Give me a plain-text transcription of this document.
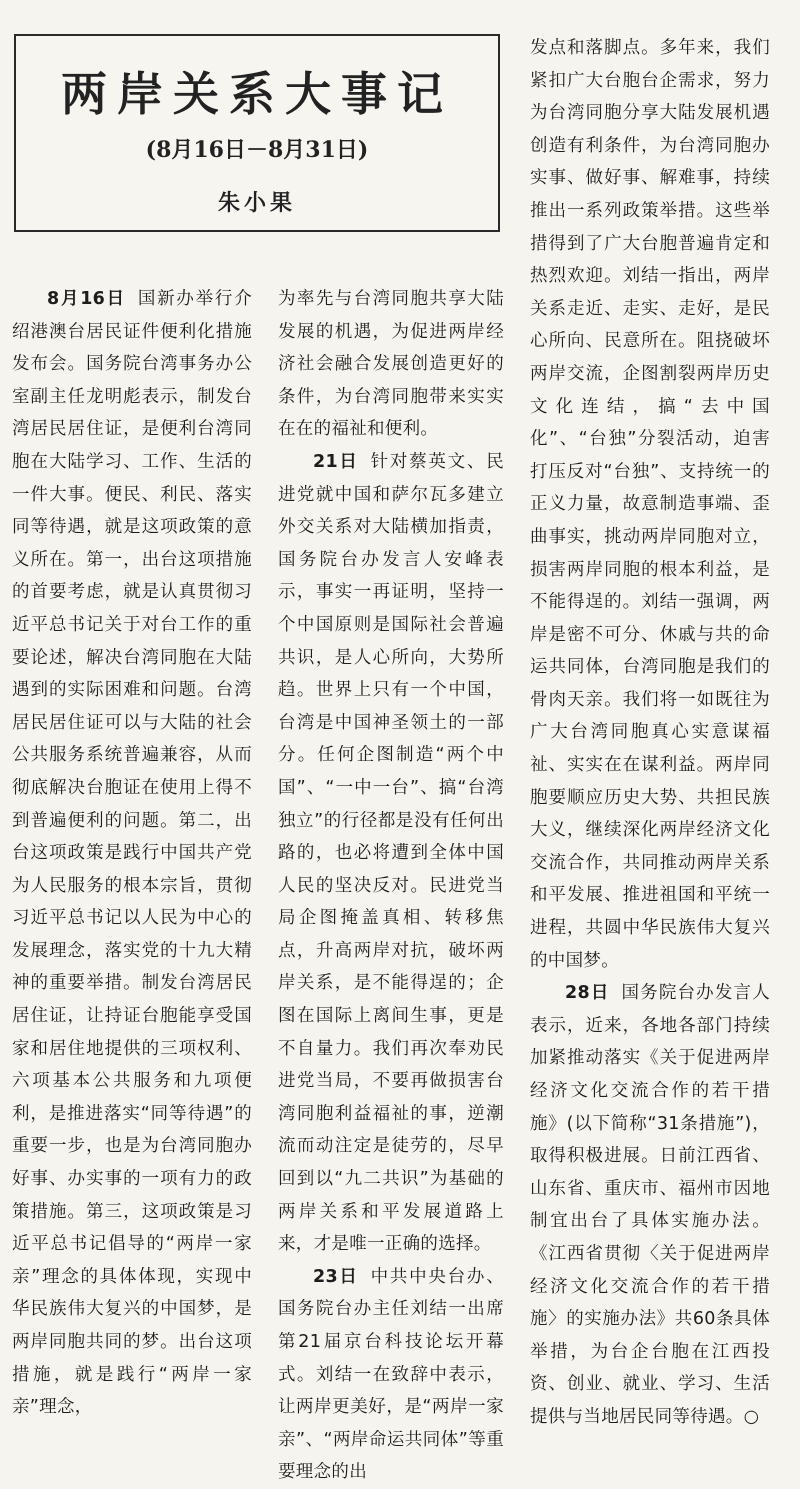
两岸关系大事记
(8月16日－8月31日)
朱小果

8月16日 国新办举行介绍港澳台居民证件便利化措施发布会。国务院台湾事务办公室副主任龙明彪表示，制发台湾居民居住证，是便利台湾同胞在大陆学习、工作、生活的一件大事。便民、利民、落实同等待遇，就是这项政策的意义所在。第一，出台这项措施的首要考虑，就是认真贯彻习近平总书记关于对台工作的重要论述，解决台湾同胞在大陆遇到的实际困难和问题。台湾居民居住证可以与大陆的社会公共服务系统普遍兼容，从而彻底解决台胞证在使用上得不到普遍便利的问题。第二，出台这项政策是践行中国共产党为人民服务的根本宗旨，贯彻习近平总书记以人民为中心的发展理念，落实党的十九大精神的重要举措。制发台湾居民居住证，让持证台胞能享受国家和居住地提供的三项权利、六项基本公共服务和九项便利，是推进落实“同等待遇”的重要一步，也是为台湾同胞办好事、办实事的一项有力的政策措施。第三，这项政策是习近平总书记倡导的“两岸一家亲”理念的具体体现，实现中华民族伟大复兴的中国梦，是两岸同胞共同的梦。出台这项措施，就是践行“两岸一家亲”理念，

为率先与台湾同胞共享大陆发展的机遇，为促进两岸经济社会融合发展创造更好的条件，为台湾同胞带来实实在在的福祉和便利。

21日 针对蔡英文、民进党就中国和萨尔瓦多建立外交关系对大陆横加指责，国务院台办发言人安峰表示，事实一再证明，坚持一个中国原则是国际社会普遍共识，是人心所向，大势所趋。世界上只有一个中国，台湾是中国神圣领土的一部分。任何企图制造“两个中国”、“一中一台”、搞“台湾独立”的行径都是没有任何出路的，也必将遭到全体中国人民的坚决反对。民进党当局企图掩盖真相、转移焦点，升高两岸对抗，破坏两岸关系，是不能得逞的；企图在国际上离间生事，更是不自量力。我们再次奉劝民进党当局，不要再做损害台湾同胞利益福祉的事，逆潮流而动注定是徒劳的，尽早回到以“九二共识”为基础的两岸关系和平发展道路上来，才是唯一正确的选择。

23日 中共中央台办、国务院台办主任刘结一出席第21届京台科技论坛开幕式。刘结一在致辞中表示，让两岸更美好，是“两岸一家亲”、“两岸命运共同体”等重要理念的出

发点和落脚点。多年来，我们紧扣广大台胞台企需求，努力为台湾同胞分享大陆发展机遇创造有利条件，为台湾同胞办实事、做好事、解难事，持续推出一系列政策举措。这些举措得到了广大台胞普遍肯定和热烈欢迎。刘结一指出，两岸关系走近、走实、走好，是民心所向、民意所在。阻挠破坏两岸交流，企图割裂两岸历史文化连结，搞“去中国化”、“台独”分裂活动，迫害打压反对“台独”、支持统一的正义力量，故意制造事端、歪曲事实，挑动两岸同胞对立，损害两岸同胞的根本利益，是不能得逞的。刘结一强调，两岸是密不可分、休戚与共的命运共同体，台湾同胞是我们的骨肉天亲。我们将一如既往为广大台湾同胞真心实意谋福祉、实实在在谋利益。两岸同胞要顺应历史大势、共担民族大义，继续深化两岸经济文化交流合作，共同推动两岸关系和平发展、推进祖国和平统一进程，共圆中华民族伟大复兴的中国梦。

28日 国务院台办发言人表示，近来，各地各部门持续加紧推动落实《关于促进两岸经济文化交流合作的若干措施》(以下简称“31条措施”)，取得积极进展。日前江西省、山东省、重庆市、福州市因地制宜出台了具体实施办法。《江西省贯彻〈关于促进两岸经济文化交流合作的若干措施〉的实施办法》共60条具体举措，为台企台胞在江西投资、创业、就业、学习、生活提供与当地居民同等待遇。○
